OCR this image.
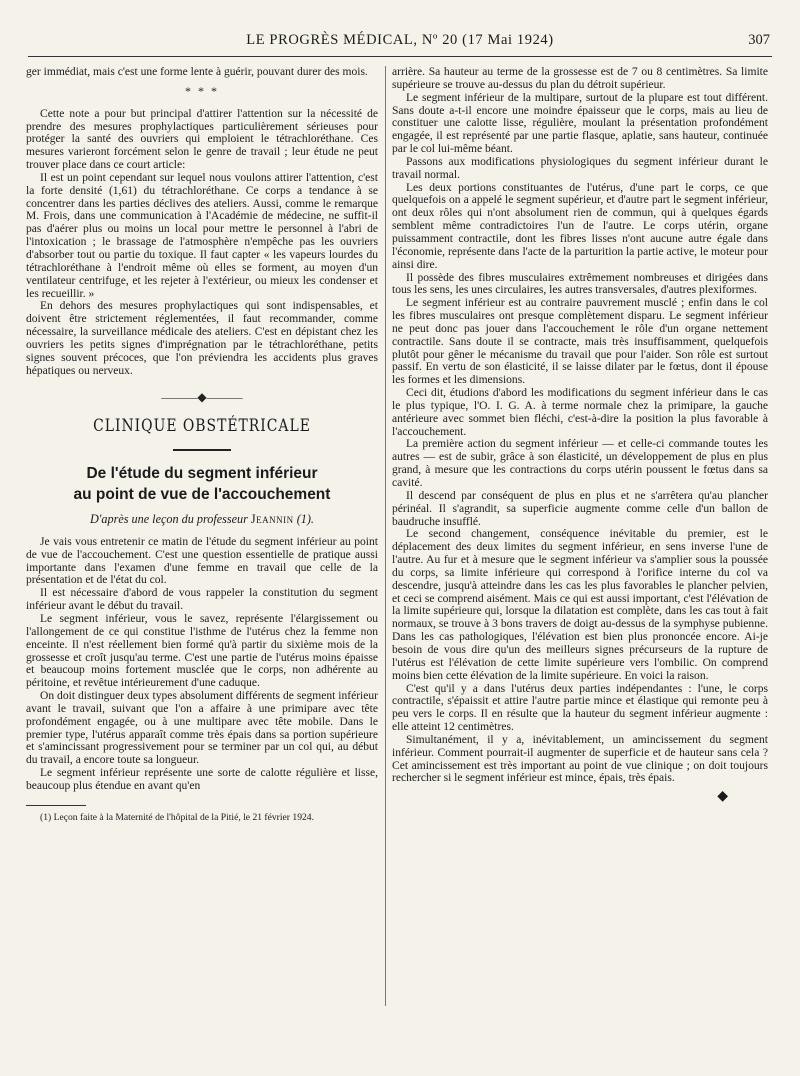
LE PROGRÈS MÉDICAL, Nº 20 (17 Mai 1924)	307

ger immédiat, mais c'est une forme lente à guérir, pouvant durer des mois.

* * *

Cette note a pour but principal d'attirer l'attention sur la nécessité de prendre des mesures prophylactiques particulièrement sérieuses pour protéger la santé des ouvriers qui emploient le tétrachloréthane. Ces mesures varieront forcément selon le genre de travail ; leur étude ne peut trouver place dans ce court article:

Il est un point cependant sur lequel nous voulons attirer l'attention, c'est la forte densité (1,61) du tétrachloréthane. Ce corps a tendance à se concentrer dans les parties déclives des ateliers. Aussi, comme le remarque M. Frois, dans une communication à l'Académie de médecine, ne suffit-il pas d'aérer plus ou moins un local pour mettre le personnel à l'abri de l'intoxication ; le brassage de l'atmosphère n'empêche pas les ouvriers d'absorber tout ou partie du toxique. Il faut capter « les vapeurs lourdes du tétrachloréthane à l'endroit même où elles se forment, au moyen d'un ventilateur centrifuge, et les rejeter à l'extérieur, ou mieux les condenser et les recueillir. »

En dehors des mesures prophylactiques qui sont indispensables, et doivent être strictement réglementées, il faut recommander, comme nécessaire, la surveillance médicale des ateliers. C'est en dépistant chez les ouvriers les petits signes d'imprégnation par le tétrachloréthane, petits signes souvent précoces, que l'on préviendra les accidents plus graves hépatiques ou nerveux.

———◆———
CLINIQUE OBSTÉTRICALE
De l'étude du segment inférieur
au point de vue de l'accouchement
D'après une leçon du professeur Jeannin (1).

Je vais vous entretenir ce matin de l'étude du segment inférieur au point de vue de l'accouchement. C'est une question essentielle de pratique aussi importante dans l'examen d'une femme en travail que celle de la présentation et de l'état du col.

Il est nécessaire d'abord de vous rappeler la constitution du segment inférieur avant le début du travail.

Le segment inférieur, vous le savez, représente l'élargissement ou l'allongement de ce qui constitue l'isthme de l'utérus chez la femme non enceinte. Il n'est réellement bien formé qu'à partir du sixième mois de la grossesse et croît jusqu'au terme. C'est une partie de l'utérus moins épaisse et beaucoup moins fortement musclée que le corps, non adhérente au péritoine, et revêtue intérieurement d'une caduque.

On doit distinguer deux types absolument différents de segment inférieur avant le travail, suivant que l'on a affaire à une primipare avec tête profondément engagée, ou à une multipare avec tête mobile. Dans le premier type, l'utérus apparaît comme très épais dans sa portion supérieure et s'amincissant progressivement pour se terminer par un col qui, au début du travail, a encore toute sa longueur.

Le segment inférieur représente une sorte de calotte régulière et lisse, beaucoup plus étendue en avant qu'en

(1) Leçon faite à la Maternité de l'hôpital de la Pitié, le 21 février 1924.

arrière. Sa hauteur au terme de la grossesse est de 7 ou 8 centimètres. Sa limite supérieure se trouve au-dessus du plan du détroit supérieur.

Le segment inférieur de la multipare, surtout de la plupare est tout différent. Sans doute a-t-il encore une moindre épaisseur que le corps, mais au lieu de constituer une calotte lisse, régulière, moulant la présentation profondément engagée, il est représenté par une partie flasque, aplatie, sans hauteur, continuée par le col lui-même béant.

Passons aux modifications physiologiques du segment inférieur durant le travail normal.

Les deux portions constituantes de l'utérus, d'une part le corps, ce que quelquefois on a appelé le segment supérieur, et d'autre part le segment inférieur, ont deux rôles qui n'ont absolument rien de commun, qui à quelques égards semblent même contradictoires l'un de l'autre. Le corps utérin, organe puissamment contractile, dont les fibres lisses n'ont aucune autre égale dans l'économie, représente dans l'acte de la parturition la partie active, le moteur pour ainsi dire.

Il possède des fibres musculaires extrêmement nombreuses et dirigées dans tous les sens, les unes circulaires, les autres transversales, d'autres plexiformes.

Le segment inférieur est au contraire pauvrement musclé ; enfin dans le col les fibres musculaires ont presque complètement disparu. Le segment inférieur ne peut donc pas jouer dans l'accouchement le rôle d'un organe nettement contractile. Sans doute il se contracte, mais très insuffisamment, quelquefois plutôt pour gêner le mécanisme du travail que pour l'aider. Son rôle est surtout passif. En vertu de son élasticité, il se laisse dilater par le fœtus, dont il épouse les formes et les dimensions.

Ceci dit, étudions d'abord les modifications du segment inférieur dans le cas le plus typique, l'O. I. G. A. à terme normale chez la primipare, la gauche antérieure avec sommet bien fléchi, c'est-à-dire la position la plus favorable à l'accouchement.

La première action du segment inférieur — et celle-ci commande toutes les autres — est de subir, grâce à son élasticité, un développement de plus en plus grand, à mesure que les contractions du corps utérin poussent le fœtus dans sa cavité.

Il descend par conséquent de plus en plus et ne s'arrêtera qu'au plancher périnéal. Il s'agrandit, sa superficie augmente comme celle d'un ballon de baudruche insufflé.

Le second changement, conséquence inévitable du premier, est le déplacement des deux limites du segment inférieur, en sens inverse l'une de l'autre. Au fur et à mesure que le segment inférieur va s'amplier sous la poussée du corps, sa limite inférieure qui correspond à l'orifice interne du col va descendre, jusqu'à atteindre dans les cas les plus favorables le plancher pelvien, et ceci se comprend aisément. Mais ce qui est aussi important, c'est l'élévation de la limite supérieure qui, lorsque la dilatation est complète, dans les cas tout à fait normaux, se trouve à 3 bons travers de doigt au-dessus de la symphyse pubienne. Dans les cas pathologiques, l'élévation est bien plus prononcée encore. Ai-je besoin de vous dire qu'un des meilleurs signes précurseurs de la rupture de l'utérus est l'élévation de cette limite supérieure vers l'ombilic. On comprend moins bien cette élévation de la limite supérieure. En voici la raison.

C'est qu'il y a dans l'utérus deux parties indépendantes : l'une, le corps contractile, s'épaissit et attire l'autre partie mince et élastique qui remonte peu à peu vers le corps. Il en résulte que la hauteur du segment inférieur augmente : elle atteint 12 centimètres.

Simultanément, il y a, inévitablement, un amincissement du segment inférieur. Comment pourrait-il augmenter de superficie et de hauteur sans cela ? Cet amincissement est très important au point de vue clinique ; on doit toujours rechercher si le segment inférieur est mince, épais, très épais.

◆
